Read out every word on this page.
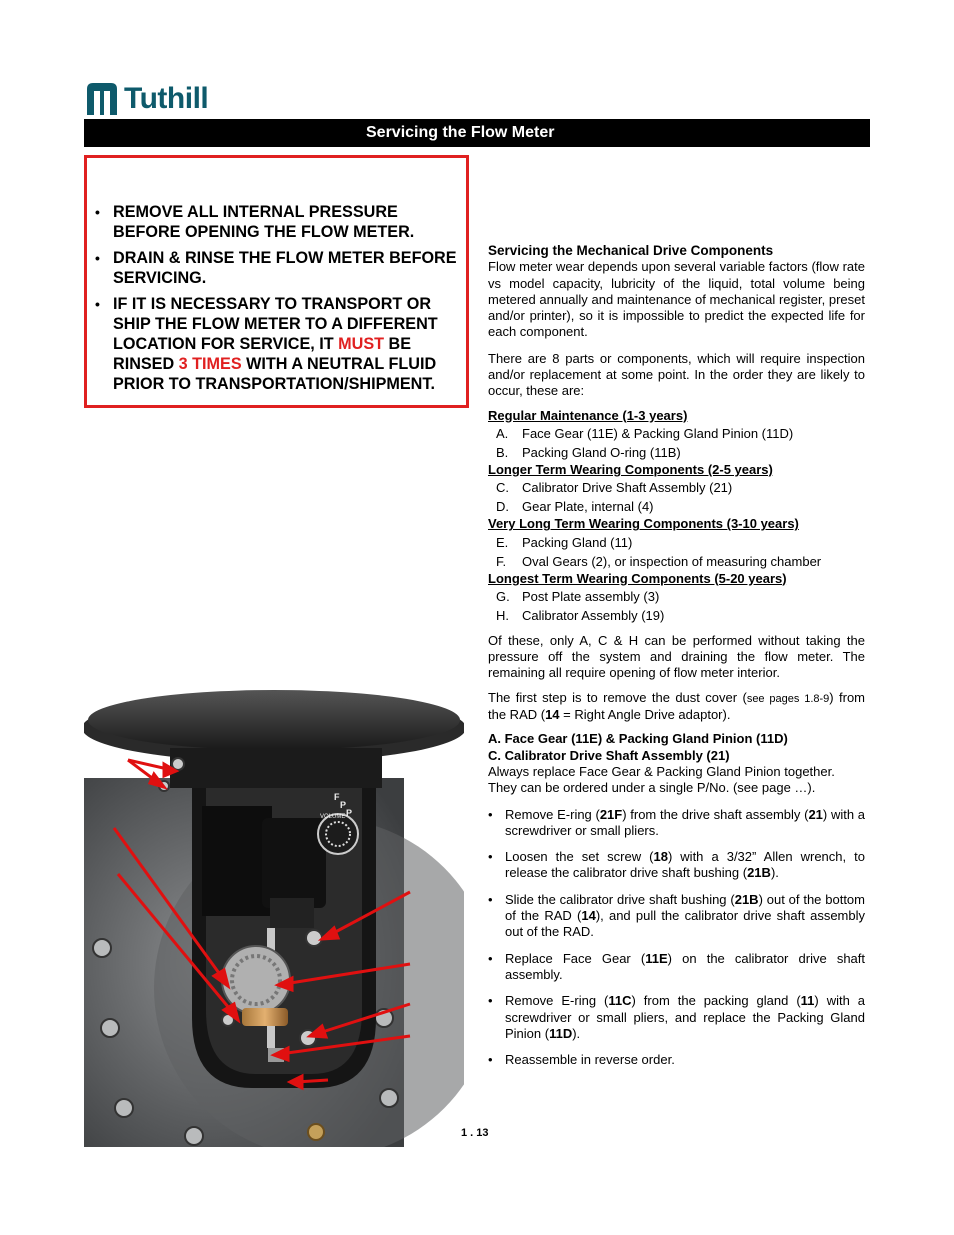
Tuthill
Servicing the Flow Meter
• REMOVE ALL INTERNAL PRESSURE BEFORE OPENING THE FLOW METER.
• DRAIN & RINSE THE FLOW METER BEFORE SERVICING.
• IF IT IS NECESSARY TO TRANSPORT OR SHIP THE FLOW METER TO A DIFFERENT LOCATION FOR SERVICE, IT MUST BE RINSED 3 TIMES WITH A NEUTRAL FLUID PRIOR TO TRANSPORTATION/SHIPMENT.
Servicing the Mechanical Drive Components

Flow meter wear depends upon several variable factors (flow rate vs model capacity, lubricity of the liquid, total volume being metered annually and maintenance of mechanical register, preset and/or printer), so it is impossible to predict the expected life for each component.

There are 8 parts or components, which will require inspection and/or replacement at some point. In the order they are likely to occur, these are:

Regular Maintenance (1-3 years)
A.	Face Gear (11E) & Packing Gland Pinion (11D)
B.	Packing Gland O-ring (11B)
Longer Term Wearing Components (2-5 years)
C.	Calibrator Drive Shaft Assembly (21)
D.	Gear Plate, internal (4)
Very Long Term Wearing Components (3-10 years)
E.	Packing Gland (11)
F.	Oval Gears (2), or inspection of measuring chamber
Longest Term Wearing Components (5-20 years)
G. Post Plate assembly (3)
H.	Calibrator Assembly (19)

Of these, only A, C & H can be performed without taking the pressure off the system and draining the flow meter. The remaining all require opening of flow meter interior.

The first step is to remove the dust cover (see pages 1.8-9) from the RAD (14 = Right Angle Drive adaptor).

A. Face Gear (11E) & Packing Gland Pinion (11D)
C. Calibrator Drive Shaft Assembly (21)

Always replace Face Gear & Packing Gland Pinion together. They can be ordered under a single P/No. (see page …).

• Remove E-ring (21F) from the drive shaft assembly (21) with a screwdriver or small pliers.

• Loosen the set screw (18) with a 3/32” Allen wrench, to release the calibrator drive shaft bushing (21B).

• Slide the calibrator drive shaft bushing (21B) out of the bottom of the RAD (14), and pull the calibrator drive shaft assembly out of the RAD.

• Replace Face Gear (11E) on the calibrator drive shaft assembly.

• Remove E-ring (11C) from the packing gland (11) with a screwdriver or small pliers, and replace the Packing Gland Pinion (11D).

• Reassemble in reverse order.

VOLUME
F
P
P
1 . 13
